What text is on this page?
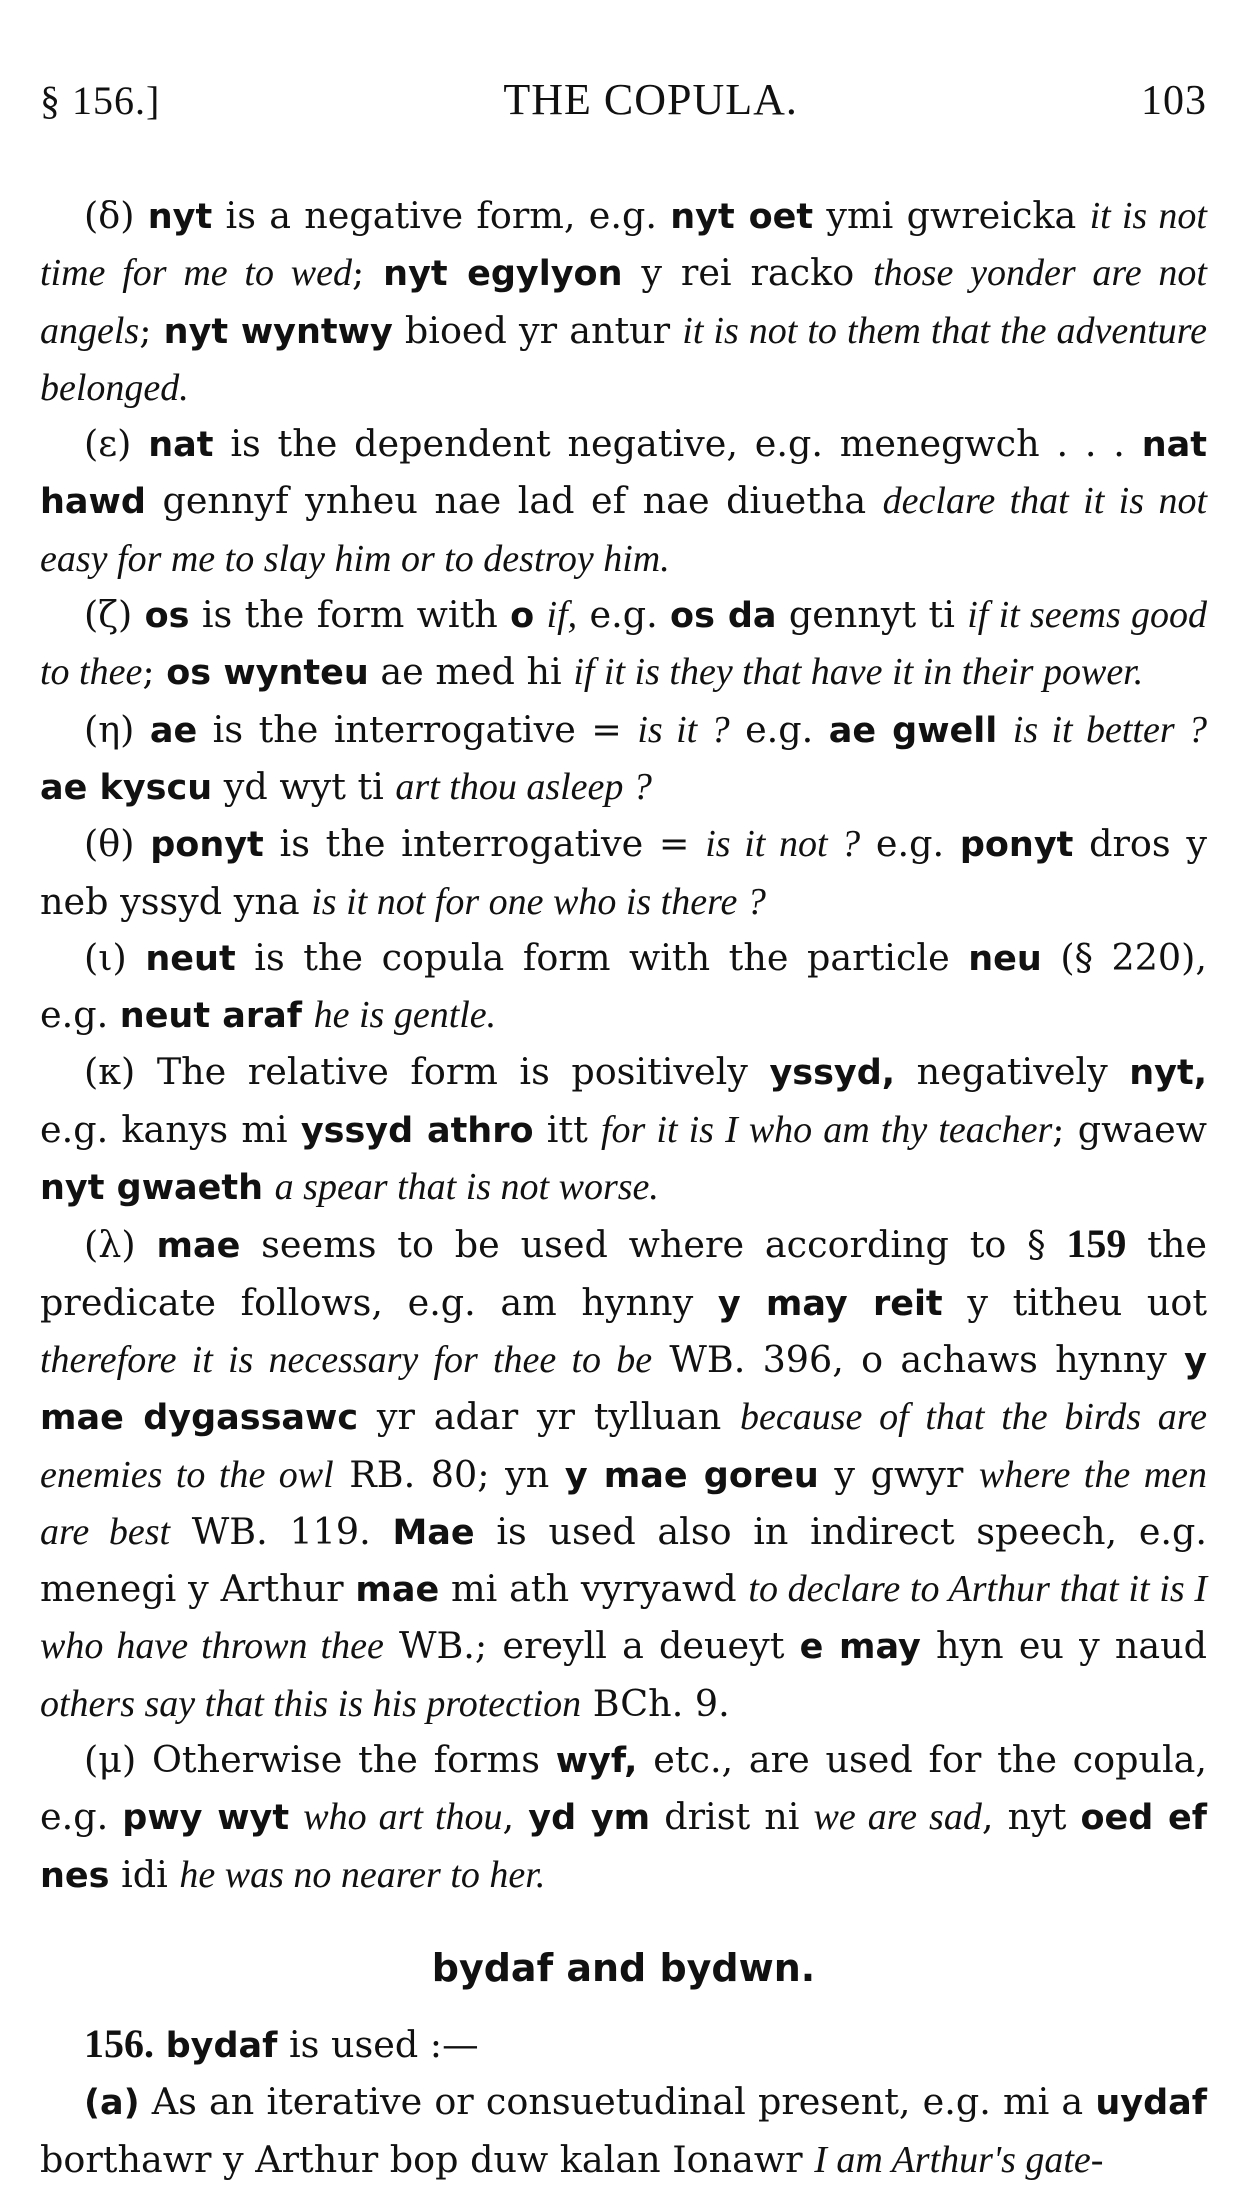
§ 156.]	THE COPULA.	103

(δ) nyt is a negative form, e.g. nyt oet ymi gwreicka it is not time for me to wed; nyt egylyon y rei racko those yonder are not angels; nyt wyntwy bioed yr antur it is not to them that the adventure belonged.

(ε) nat is the dependent negative, e.g. menegwch . . . nat hawd gennyf ynheu nae lad ef nae diuetha declare that it is not easy for me to slay him or to destroy him.

(ζ) os is the form with o if, e.g. os da gennyt ti if it seems good to thee; os wynteu ae med hi if it is they that have it in their power.

(η) ae is the interrogative = is it ? e.g. ae gwell is it better ? ae kyscu yd wyt ti art thou asleep ?

(θ) ponyt is the interrogative = is it not ? e.g. ponyt dros y neb yssyd yna is it not for one who is there ?

(ι) neut is the copula form with the particle neu (§ 220), e.g. neut araf he is gentle.

(κ) The relative form is positively yssyd, negatively nyt, e.g. kanys mi yssyd athro itt for it is I who am thy teacher; gwaew nyt gwaeth a spear that is not worse.

(λ) mae seems to be used where according to § 159 the predicate follows, e.g. am hynny y may reit y titheu uot therefore it is necessary for thee to be WB. 396, o achaws hynny y mae dygassawc yr adar yr tylluan because of that the birds are enemies to the owl RB. 80; yn y mae goreu y gwyr where the men are best WB. 119. Mae is used also in indirect speech, e.g. menegi y Arthur mae mi ath vyryawd to declare to Arthur that it is I who have thrown thee WB.; ereyll a deueyt e may hyn eu y naud others say that this is his protection BCh. 9.

(μ) Otherwise the forms wyf, etc., are used for the copula, e.g. pwy wyt who art thou, yd ym drist ni we are sad, nyt oed ef nes idi he was no nearer to her.

bydaf and bydwn.

156. bydaf is used :—

(a) As an iterative or consuetudinal present, e.g. mi a uydaf borthawr y Arthur bop duw kalan Ionawr I am Arthur's gate-
